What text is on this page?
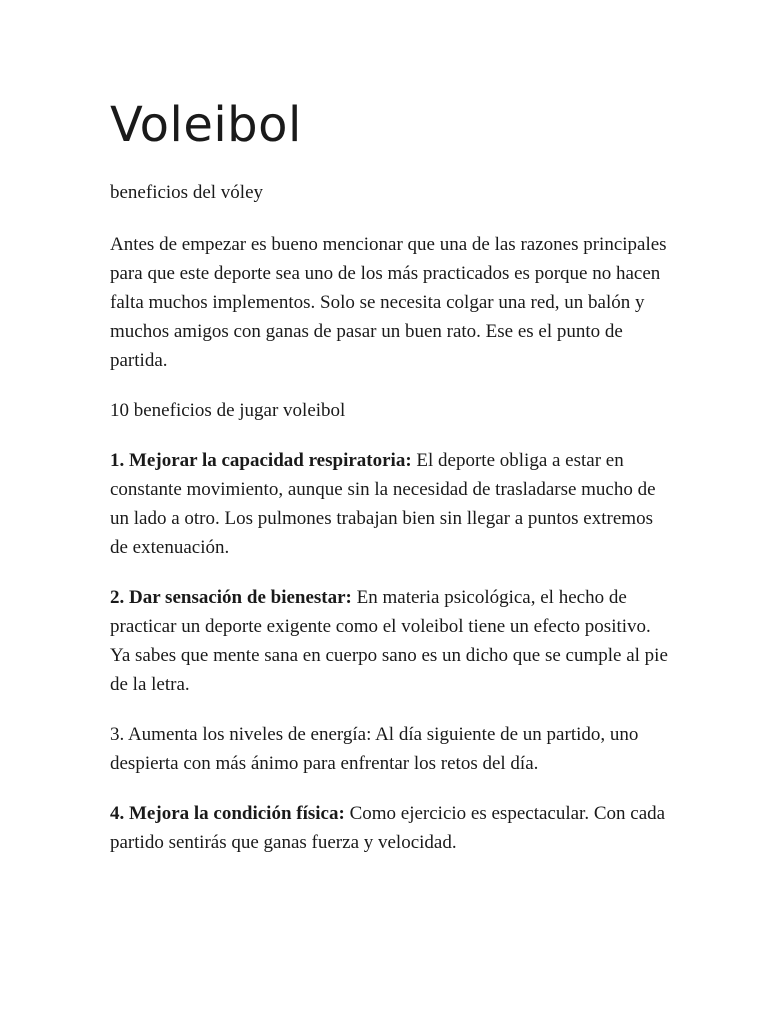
Voleibol

beneficios del vóley

Antes de empezar es bueno mencionar que una de las razones principales para que este deporte sea uno de los más practicados es porque no hacen falta muchos implementos. Solo se necesita colgar una red, un balón y muchos amigos con ganas de pasar un buen rato. Ese es el punto de partida.

10 beneficios de jugar voleibol

1. Mejorar la capacidad respiratoria: El deporte obliga a estar en constante movimiento, aunque sin la necesidad de trasladarse mucho de un lado a otro. Los pulmones trabajan bien sin llegar a puntos extremos de extenuación.

2. Dar sensación de bienestar: En materia psicológica, el hecho de practicar un deporte exigente como el voleibol tiene un efecto positivo. Ya sabes que mente sana en cuerpo sano es un dicho que se cumple al pie de la letra.

3. Aumenta los niveles de energía: Al día siguiente de un partido, uno despierta con más ánimo para enfrentar los retos del día.

4. Mejora la condición física: Como ejercicio es espectacular. Con cada partido sentirás que ganas fuerza y velocidad.
